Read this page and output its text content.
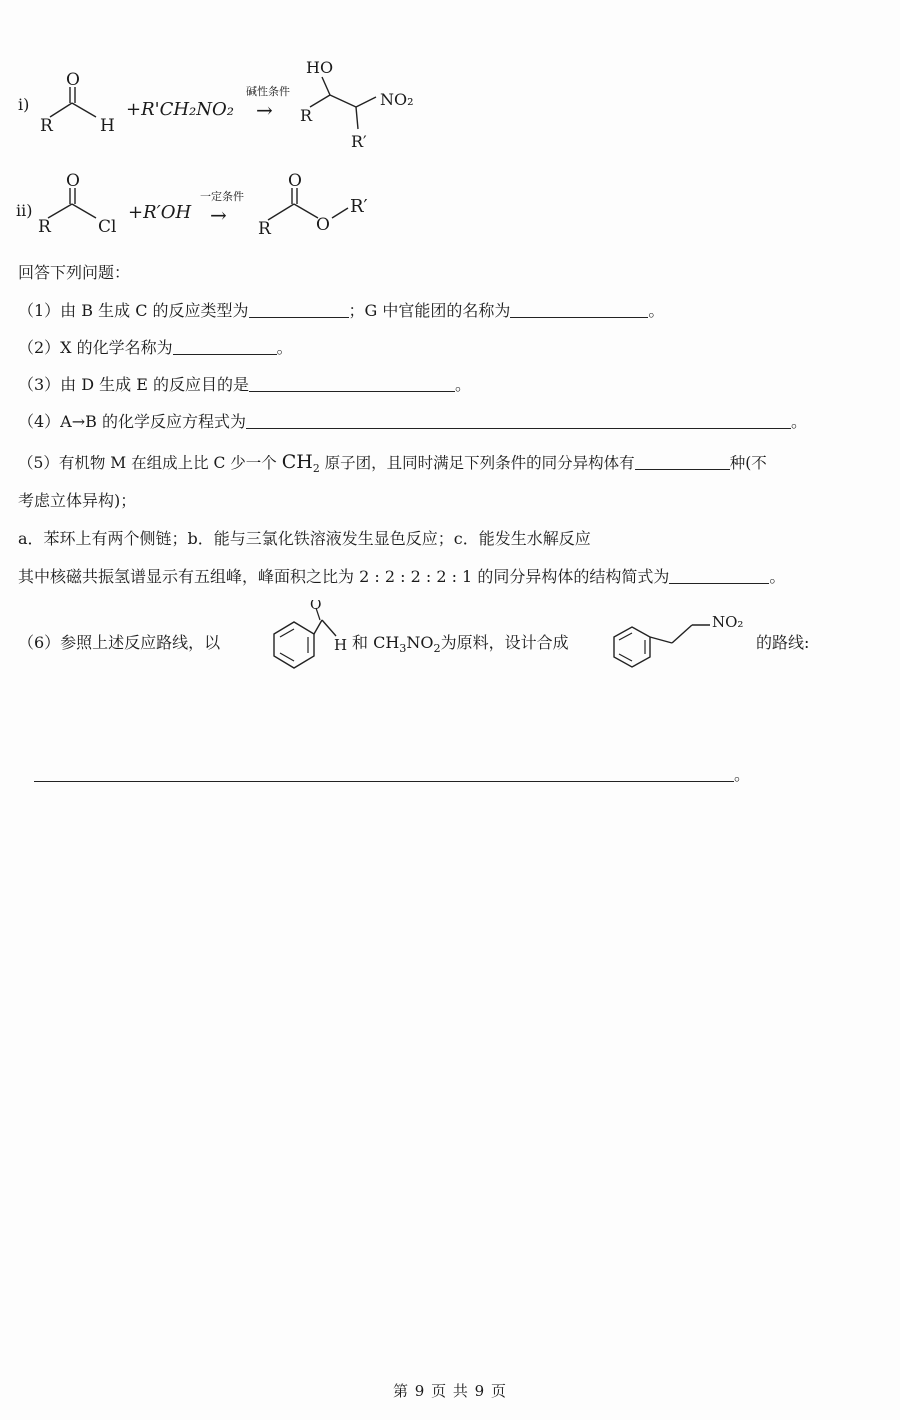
i)
O
R	H
+R'CH₂NO₂
碱性条件
→
HO
R
NO₂
R′
ii)
O
R	Cl
+R′OH
一定条件
→
O
R	O
R′
回答下列问题：
（1）由 B 生成 C 的反应类型为	；G 中官能团的名称为	。
（2）X 的化学名称为	。
（3）由 D 生成 E 的反应目的是	。
（4）A→B 的化学反应方程式为	。
（5）有机物 M 在组成上比 C 少一个 $CH_2$ 原子团，且同时满足下列条件的同分异构体有	种(不
考虑立体异构)；
a．苯环上有两个侧链；b．能与三氯化铁溶液发生显色反应；c．能发生水解反应
其中核磁共振氢谱显示有五组峰，峰面积之比为 2 : 2 : 2 : 2 : 1 的同分异构体的结构简式为	。
（6）参照上述反应路线，以
O
H 和 $CH_3NO_2$为原料，设计合成
NO₂
的路线:
。
第 9 页 共 9 页
